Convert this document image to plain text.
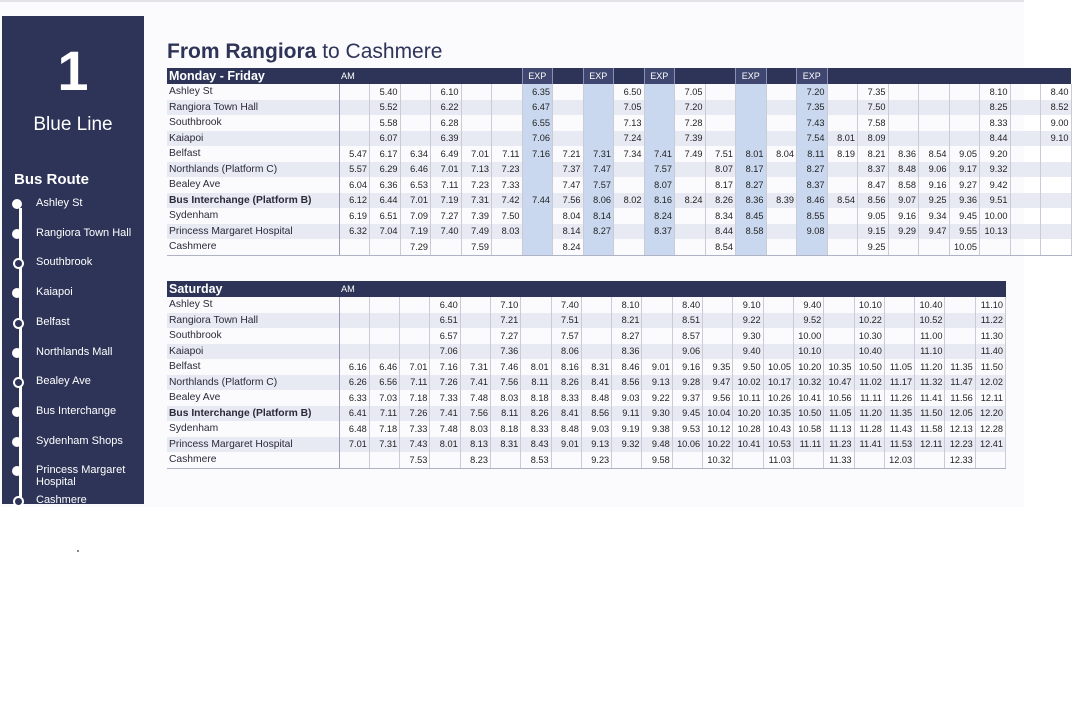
1
Blue Line
Bus Route
Ashley St
Rangiora Town Hall
Southbrook
Kaiapoi
Belfast
Northlands Mall
Bealey Ave
Bus Interchange
Sydenham Shops
Princess Margaret Hospital
Cashmere
From Rangiora to Cashmere
Monday - Friday	AM						EXP		EXP		EXP			EXP		EXP								
Ashley St		5.40		6.10			6.35			6.50		7.05				7.20		7.35				8.10		8.40
Rangiora Town Hall		5.52		6.22			6.47			7.05		7.20				7.35		7.50				8.25		8.52
Southbrook		5.58		6.28			6.55			7.13		7.28				7.43		7.58				8.33		9.00
Kaiapoi		6.07		6.39			7.06			7.24		7.39				7.54	8.01	8.09				8.44		9.10
Belfast	5.47	6.17	6.34	6.49	7.01	7.11	7.16	7.21	7.31	7.34	7.41	7.49	7.51	8.01	8.04	8.11	8.19	8.21	8.36	8.54	9.05	9.20		
Northlands (Platform C)	5.57	6.29	6.46	7.01	7.13	7.23		7.37	7.47		7.57		8.07	8.17		8.27		8.37	8.48	9.06	9.17	9.32		
Bealey Ave	6.04	6.36	6.53	7.11	7.23	7.33		7.47	7.57		8.07		8.17	8.27		8.37		8.47	8.58	9.16	9.27	9.42		
Bus Interchange (Platform B)	6.12	6.44	7.01	7.19	7.31	7.42	7.44	7.56	8.06	8.02	8.16	8.24	8.26	8.36	8.39	8.46	8.54	8.56	9.07	9.25	9.36	9.51		
Sydenham	6.19	6.51	7.09	7.27	7.39	7.50		8.04	8.14		8.24		8.34	8.45		8.55		9.05	9.16	9.34	9.45	10.00		
Princess Margaret Hospital	6.32	7.04	7.19	7.40	7.49	8.03		8.14	8.27		8.37		8.44	8.58		9.08		9.15	9.29	9.47	9.55	10.13		
Cashmere			7.29		7.59			8.24					8.54					9.25			10.05			
Saturday	AM																					
Ashley St				6.40		7.10		7.40		8.10		8.40		9.10		9.40		10.10		10.40		11.10
Rangiora Town Hall				6.51		7.21		7.51		8.21		8.51		9.22		9.52		10.22		10.52		11.22
Southbrook				6.57		7.27		7.57		8.27		8.57		9.30		10.00		10.30		11.00		11.30
Kaiapoi				7.06		7.36		8.06		8.36		9.06		9.40		10.10		10.40		11.10		11.40
Belfast	6.16	6.46	7.01	7.16	7.31	7.46	8.01	8.16	8.31	8.46	9.01	9.16	9.35	9.50	10.05	10.20	10.35	10.50	11.05	11.20	11.35	11.50
Northlands (Platform C)	6.26	6.56	7.11	7.26	7.41	7.56	8.11	8.26	8.41	8.56	9.13	9.28	9.47	10.02	10.17	10.32	10.47	11.02	11.17	11.32	11.47	12.02
Bealey Ave	6.33	7.03	7.18	7.33	7.48	8.03	8.18	8.33	8.48	9.03	9.22	9.37	9.56	10.11	10.26	10.41	10.56	11.11	11.26	11.41	11.56	12.11
Bus Interchange (Platform B)	6.41	7.11	7.26	7.41	7.56	8.11	8.26	8.41	8.56	9.11	9.30	9.45	10.04	10.20	10.35	10.50	11.05	11.20	11.35	11.50	12.05	12.20
Sydenham	6.48	7.18	7.33	7.48	8.03	8.18	8.33	8.48	9.03	9.19	9.38	9.53	10.12	10.28	10.43	10.58	11.13	11.28	11.43	11.58	12.13	12.28
Princess Margaret Hospital	7.01	7.31	7.43	8.01	8.13	8.31	8.43	9.01	9.13	9.32	9.48	10.06	10.22	10.41	10.53	11.11	11.23	11.41	11.53	12.11	12.23	12.41
Cashmere			7.53		8.23		8.53		9.23		9.58		10.32		11.03		11.33		12.03		12.33	
